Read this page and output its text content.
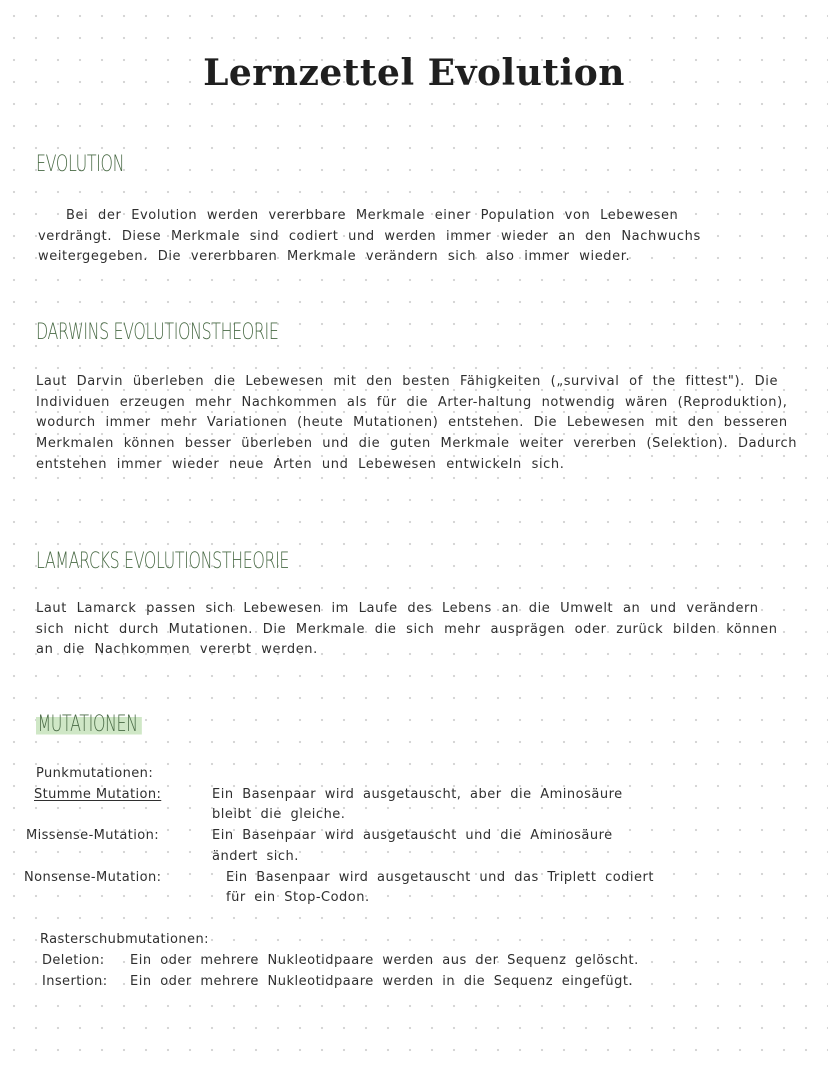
Lernzettel Evolution
EVOLUTION
Bei der Evolution werden vererbbare Merkmale einer Population von Lebewesen verdrängt. Diese Merkmale sind codiert und werden immer wieder an den Nachwuchs weitergegeben. Die vererbbaren Merkmale verändern sich also immer wieder.
DARWINS EVOLUTIONSTHEORIE
Laut Darvin überleben die Lebewesen mit den besten Fähigkeiten („survival of the fittest"). Die Individuen erzeugen mehr Nachkommen als für die Arter-haltung notwendig wären (Reproduktion), wodurch immer mehr Variationen (heute Mutationen) entstehen. Die Lebewesen mit den besseren Merkmalen können besser überleben und die guten Merkmale weiter vererben (Selektion). Dadurch entstehen immer wieder neue Arten und Lebewesen entwickeln sich.
LAMARCKS EVOLUTIONSTHEORIE
Laut Lamarck passen sich Lebewesen im Laufe des Lebens an die Umwelt an und verändern sich nicht durch Mutationen. Die Merkmale die sich mehr ausprägen oder zurück bilden können an die Nachkommen vererbt werden.
MUTATIONEN
Punkmutationen:
Stumme Mutation:	Ein Basenpaar wird ausgetauscht, aber die Aminosäure
bleibt die gleiche.
Missense-Mutation:	Ein Basenpaar wird ausgetauscht und die Aminosäure
ändert sich.
Nonsense-Mutation:	Ein Basenpaar wird ausgetauscht und das Triplett codiert
für ein Stop-Codon.
Rasterschubmutationen:
Deletion: Ein oder mehrere Nukleotidpaare werden aus der Sequenz gelöscht.
Insertion: Ein oder mehrere Nukleotidpaare werden in die Sequenz eingefügt.
